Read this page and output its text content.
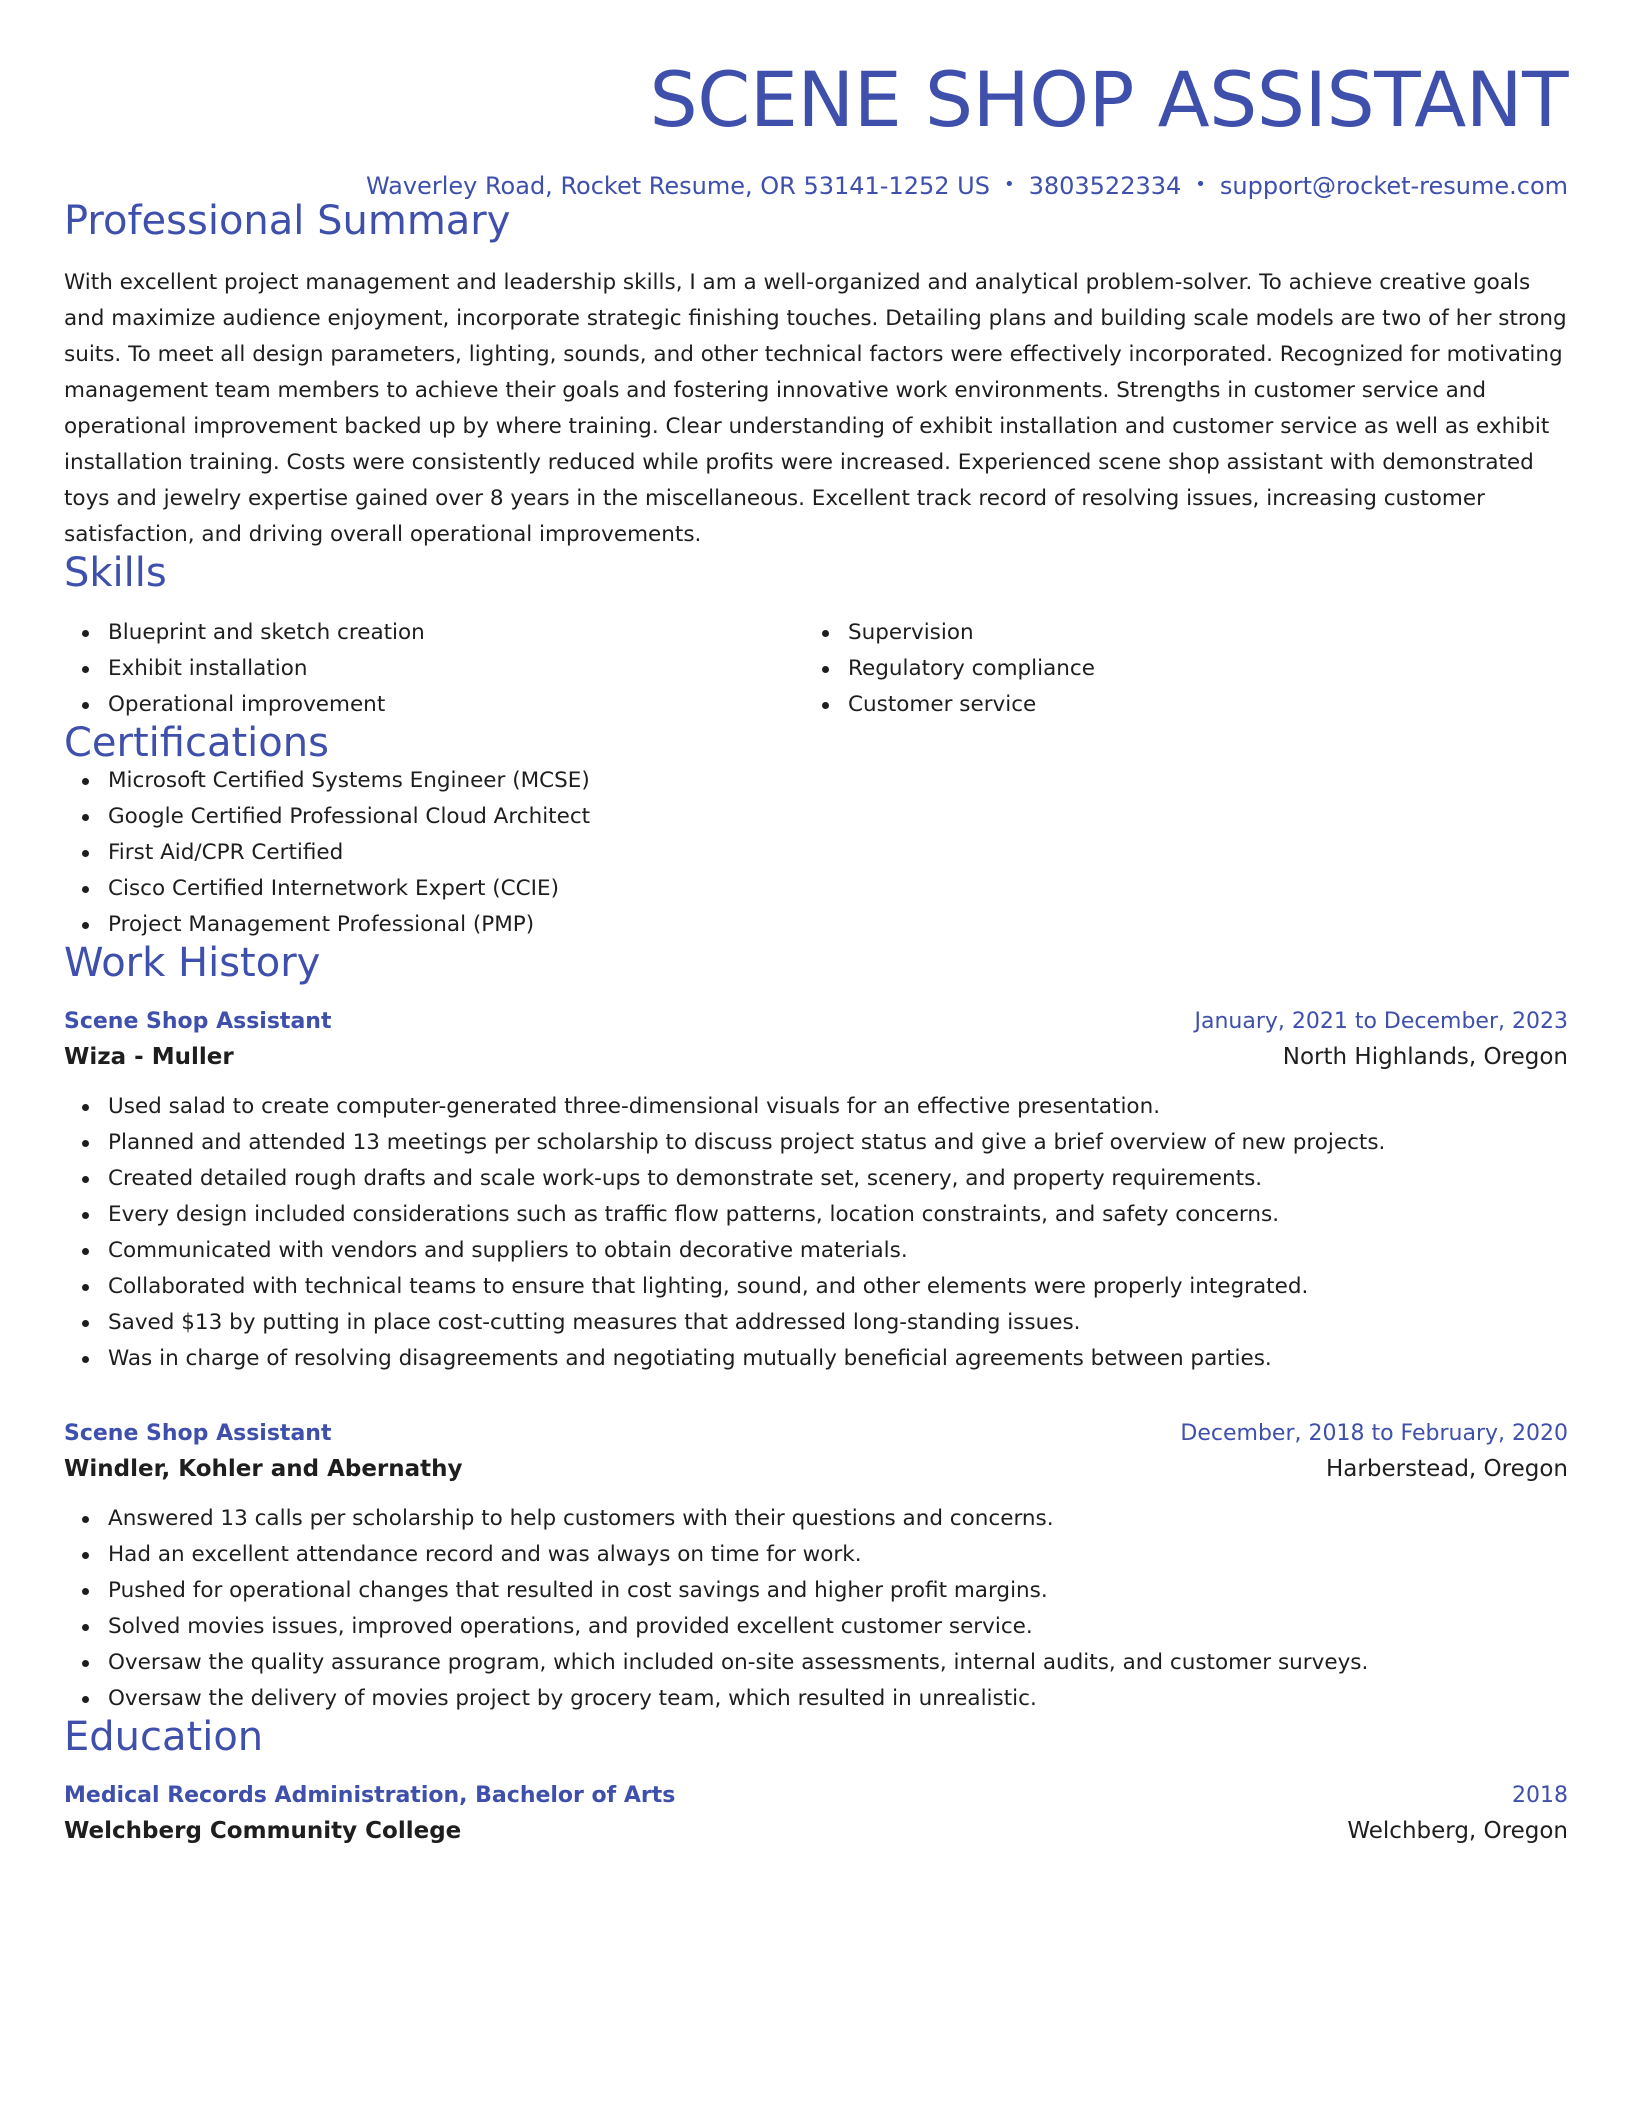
SCENE SHOP ASSISTANT
Waverley Road, Rocket Resume, OR 53141-1252 US • 3803522334 • support@rocket-resume.com
Professional Summary
With excellent project management and leadership skills, I am a well-organized and analytical problem-solver. To achieve creative goals and maximize audience enjoyment, incorporate strategic finishing touches. Detailing plans and building scale models are two of her strong suits. To meet all design parameters, lighting, sounds, and other technical factors were effectively incorporated. Recognized for motivating management team members to achieve their goals and fostering innovative work environments. Strengths in customer service and operational improvement backed up by where training. Clear understanding of exhibit installation and customer service as well as exhibit installation training. Costs were consistently reduced while profits were increased. Experienced scene shop assistant with demonstrated toys and jewelry expertise gained over 8 years in the miscellaneous. Excellent track record of resolving issues, increasing customer satisfaction, and driving overall operational improvements.
Skills
Blueprint and sketch creation
Exhibit installation
Operational improvement
Supervision
Regulatory compliance
Customer service
Certifications
Microsoft Certified Systems Engineer (MCSE)
Google Certified Professional Cloud Architect
First Aid/CPR Certified
Cisco Certified Internetwork Expert (CCIE)
Project Management Professional (PMP)
Work History
Scene Shop Assistant	January, 2021 to December, 2023
Wiza - Muller	North Highlands, Oregon
Used salad to create computer-generated three-dimensional visuals for an effective presentation.
Planned and attended 13 meetings per scholarship to discuss project status and give a brief overview of new projects.
Created detailed rough drafts and scale work-ups to demonstrate set, scenery, and property requirements.
Every design included considerations such as traffic flow patterns, location constraints, and safety concerns.
Communicated with vendors and suppliers to obtain decorative materials.
Collaborated with technical teams to ensure that lighting, sound, and other elements were properly integrated.
Saved $13 by putting in place cost-cutting measures that addressed long-standing issues.
Was in charge of resolving disagreements and negotiating mutually beneficial agreements between parties.
Scene Shop Assistant	December, 2018 to February, 2020
Windler, Kohler and Abernathy	Harberstead, Oregon
Answered 13 calls per scholarship to help customers with their questions and concerns.
Had an excellent attendance record and was always on time for work.
Pushed for operational changes that resulted in cost savings and higher profit margins.
Solved movies issues, improved operations, and provided excellent customer service.
Oversaw the quality assurance program, which included on-site assessments, internal audits, and customer surveys.
Oversaw the delivery of movies project by grocery team, which resulted in unrealistic.
Education
Medical Records Administration, Bachelor of Arts	2018
Welchberg Community College	Welchberg, Oregon
